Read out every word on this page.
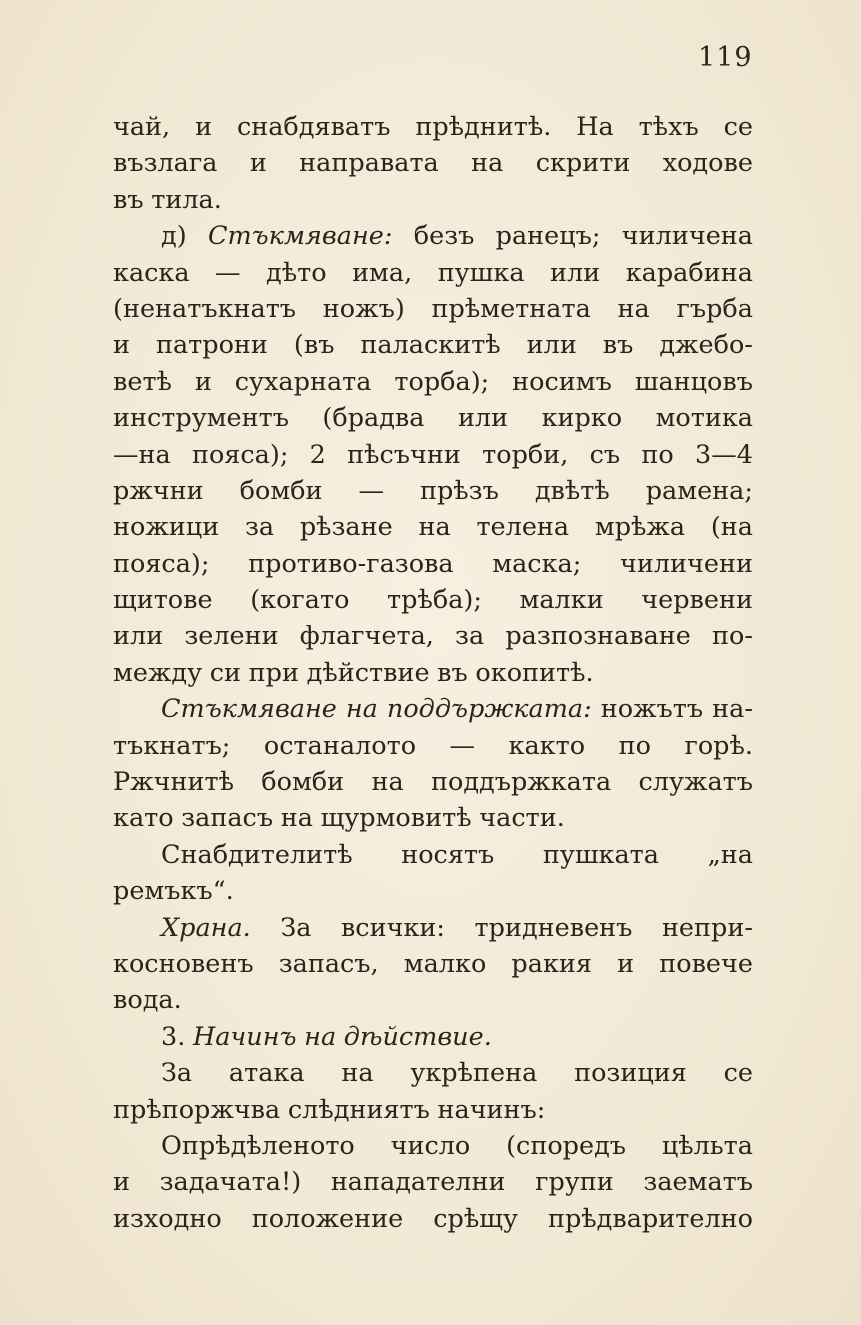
119
чай, и снабдяватъ прѣднитѣ. На тѣхъ се
възлага и направата на скрити ходове
въ тила.
д) Стъкмяване: безъ ранецъ; чиличена
каска — дѣто има, пушка или карабина
(ненатъкнатъ ножъ) прѣметната на гърба
и патрони (въ паласкитѣ или въ джебо-
ветѣ и сухарната торба); носимъ шанцовъ
инструментъ (брадва или кирко мотика
—на пояса); 2 пѣсъчни торби, съ по 3—4
ржчни бомби — прѣзъ двѣтѣ рамена;
ножици за рѣзане на телена мрѣжа (на
пояса); противо-газова маска; чиличени
щитове (когато трѣба); малки червени
или зелени флагчета, за разпознаване по-
между си при дѣйствие въ окопитѣ.
Стъкмяване на поддържката: ножътъ на-
тъкнатъ; останалото — както по горѣ.
Ржчнитѣ бомби на поддържката служатъ
като запасъ на щурмовитѣ части.
Снабдителитѣ носятъ пушката „на
ремъкъ“.
Храна. За всички: тридневенъ непри-
косновенъ запасъ, малко ракия и повече
вода.
3. Начинъ на дѣйствие.
За атака на укрѣпена позиция се
прѣпоржчва слѣдниятъ начинъ:
Опрѣдѣленото число (споредъ цѣльта
и задачата!) нападателни групи заематъ
изходно положение срѣщу прѣдварително
